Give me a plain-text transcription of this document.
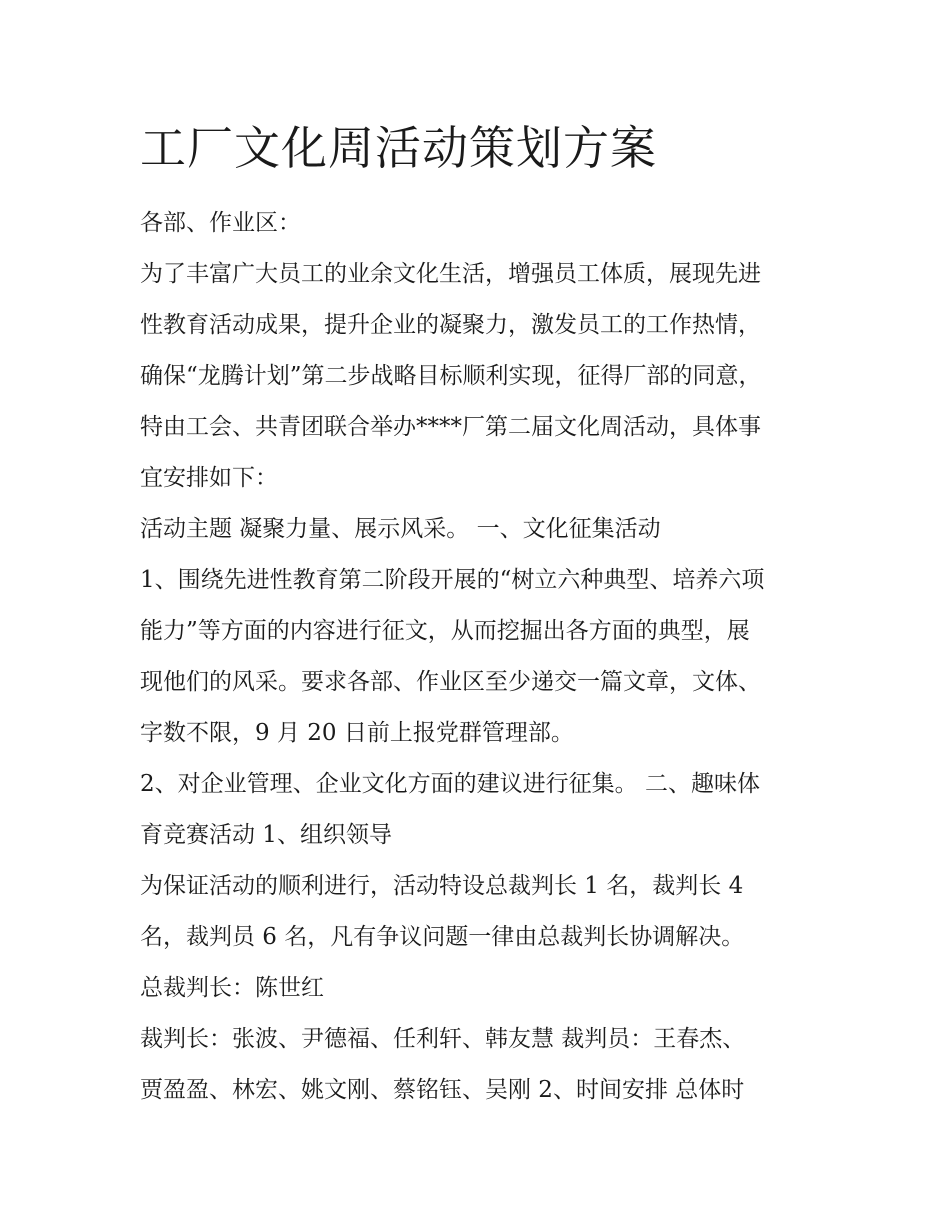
工厂文化周活动策划方案

各部、作业区：

为了丰富广大员工的业余文化生活，增强员工体质，展现先进

性教育活动成果，提升企业的凝聚力，激发员工的工作热情，

确保“龙腾计划”第二步战略目标顺利实现，征得厂部的同意，

特由工会、共青团联合举办****厂第二届文化周活动，具体事

宜安排如下：

活动主题 凝聚力量、展示风采。 一、文化征集活动

1、围绕先进性教育第二阶段开展的“树立六种典型、培养六项

能力”等方面的内容进行征文，从而挖掘出各方面的典型，展

现他们的风采。要求各部、作业区至少递交一篇文章，文体、

字数不限，9 月 20 日前上报党群管理部。

2、对企业管理、企业文化方面的建议进行征集。 二、趣味体

育竞赛活动 1、组织领导

为保证活动的顺利进行，活动特设总裁判长 1 名，裁判长 4

名，裁判员 6 名，凡有争议问题一律由总裁判长协调解决。

总裁判长：陈世红

裁判长：张波、尹德福、任利轩、韩友慧 裁判员：王春杰、

贾盈盈、林宏、姚文刚、蔡铭钰、吴刚 2、时间安排 总体时
